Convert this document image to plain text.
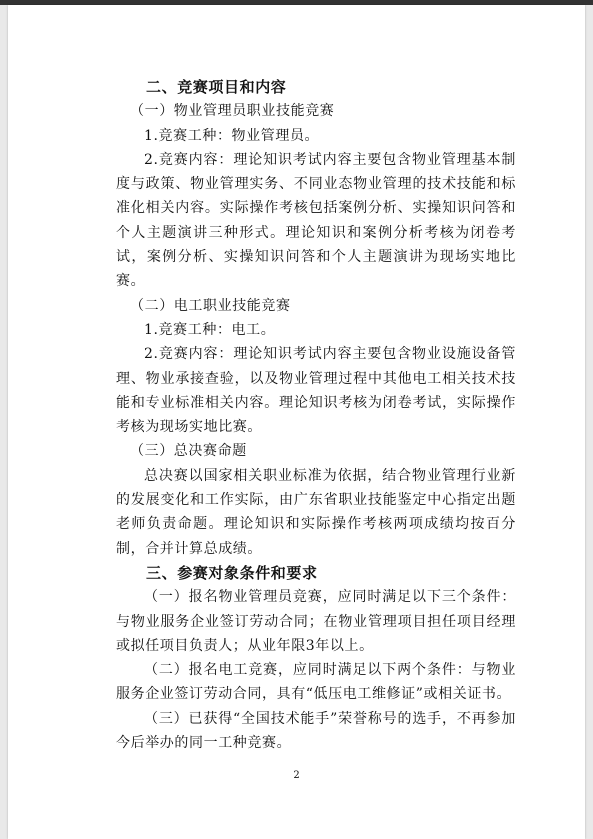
二、竞赛项目和内容

（一）物业管理员职业技能竞赛

1.竞赛工种：物业管理员。

2.竞赛内容：理论知识考试内容主要包含物业管理基本制度与政策、物业管理实务、不同业态物业管理的技术技能和标准化相关内容。实际操作考核包括案例分析、实操知识问答和个人主题演讲三种形式。理论知识和案例分析考核为闭卷考试，案例分析、实操知识问答和个人主题演讲为现场实地比赛。

（二）电工职业技能竞赛

1.竞赛工种：电工。

2.竞赛内容：理论知识考试内容主要包含物业设施设备管理、物业承接查验，以及物业管理过程中其他电工相关技术技能和专业标准相关内容。理论知识考核为闭卷考试，实际操作考核为现场实地比赛。

（三）总决赛命题

总决赛以国家相关职业标准为依据，结合物业管理行业新的发展变化和工作实际，由广东省职业技能鉴定中心指定出题老师负责命题。理论知识和实际操作考核两项成绩均按百分制，合并计算总成绩。

三、参赛对象条件和要求

（一）报名物业管理员竞赛，应同时满足以下三个条件：与物业服务企业签订劳动合同；在物业管理项目担任项目经理或拟任项目负责人；从业年限3年以上。

（二）报名电工竞赛，应同时满足以下两个条件：与物业服务企业签订劳动合同，具有“低压电工维修证”或相关证书。

（三）已获得“全国技术能手”荣誉称号的选手，不再参加今后举办的同一工种竞赛。

2
